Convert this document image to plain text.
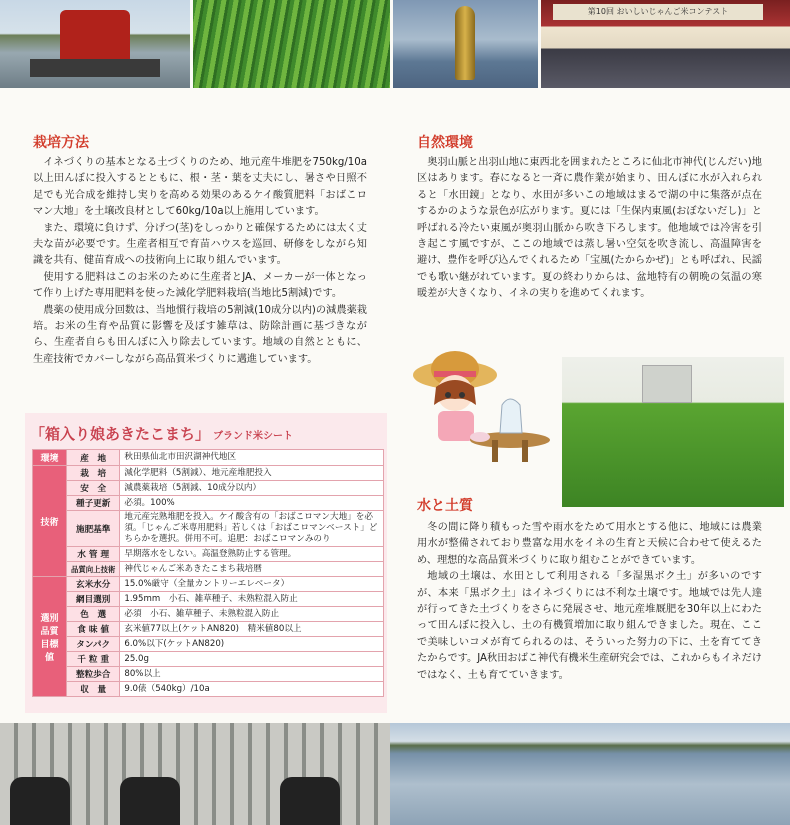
第10回 おいしいじゃんご米コンテスト
栽培方法

イネづくりの基本となる土づくりのため、地元産牛堆肥を750kg/10a以上田んぼに投入するとともに、根・茎・葉を丈夫にし、暑さや日照不足でも光合成を維持し実りを高める効果のあるケイ酸質肥料「おばこロマン大地」を土壌改良材として60kg/10a以上施用しています。

また、環境に負けず、分げつ(茎)をしっかりと確保するためには太く丈夫な苗が必要です。生産者相互で育苗ハウスを巡回、研修をしながら知識を共有、健苗育成への技術向上に取り組んでいます。

使用する肥料はこのお米のために生産者とJA、メーカーが一体となって作り上げた専用肥料を使った減化学肥料栽培(当地比5割減)です。

農薬の使用成分回数は、当地慣行栽培の5割減(10成分以内)の減農薬栽培。お米の生育や品質に影響を及ぼす雑草は、防除計画に基づきながら、生産者自らも田んぼに入り除去しています。地域の自然とともに、生産技術でカバーしながら高品質米づくりに邁進しています。

自然環境

奥羽山脈と出羽山地に東西北を囲まれたところに仙北市神代(じんだい)地区はあります。春になると一斉に農作業が始まり、田んぼに水が入れられると「水田鏡」となり、水田が多いこの地域はまるで湖の中に集落が点在するかのような景色が広がります。夏には「生保内東風(おぼないだし)」と呼ばれる冷たい東風が奥羽山脈から吹き下ろします。他地域では冷害を引き起こす風ですが、ここの地域では蒸し暑い空気を吹き流し、高温障害を避け、豊作を呼び込んでくれるため「宝風(たからかぜ)」とも呼ばれ、民謡でも歌い継がれています。夏の終わりからは、盆地特有の朝晩の気温の寒暖差が大きくなり、イネの実りを進めてくれます。

水と土質

冬の間に降り積もった雪や雨水をためて用水とする他に、地域には農業用水が整備されており豊富な用水をイネの生育と天候に合わせて使えるため、理想的な高品質米づくりに取り組むことができています。

地域の土壌は、水田として利用される「多湿黒ボク土」が多いのですが、本来「黒ボク土」はイネづくりには不利な土壌です。地域では先人達が行ってきた土づくりをさらに発展させ、地元産堆厩肥を30年以上にわたって田んぼに投入し、土の有機質増加に取り組んできました。現在、ここで美味しいコメが育てられるのは、そういった努力の下に、土を育ててきたからです。JA秋田おばこ神代有機米生産研究会では、これからもイネだけではなく、土も育てていきます。

「箱入り娘あきたこまち」 ブランド米シート
環境	産　地	秋田県仙北市田沢湖神代地区
技術	栽　培	減化学肥料（5割減）、地元産堆肥投入
	安　全	減農薬栽培（5割減、10成分以内）
	種子更新	必須。100%
	施肥基準	地元産完熟堆肥を投入。ケイ酸含有の「おばこロマン大地」を必須。「じゃんご米専用肥料」若しくは「おばこロマンベースト」どちらかを選択。併用不可。追肥：おばこロマンみのり
	水 管 理	早期落水をしない。高温登熟防止する管理。
	品質向上技術	神代じゃんご米あきたこまち栽培暦
選別品質目標値	玄米水分	15.0%厳守（全量カントリーエレベータ）
	網目選別	1.95mm　小石、雑草種子、未熟粒混入防止
	色　選	必須　小石、雑草種子、未熟粒混入防止
	食 味 値	玄米値77以上(ケットAN820)　精米値80以上
	タンパク	6.0%以下(ケットAN820)
	千 粒 重	25.0g
	整粒歩合	80%以上
	収　量	9.0俵（540kg）/10a
